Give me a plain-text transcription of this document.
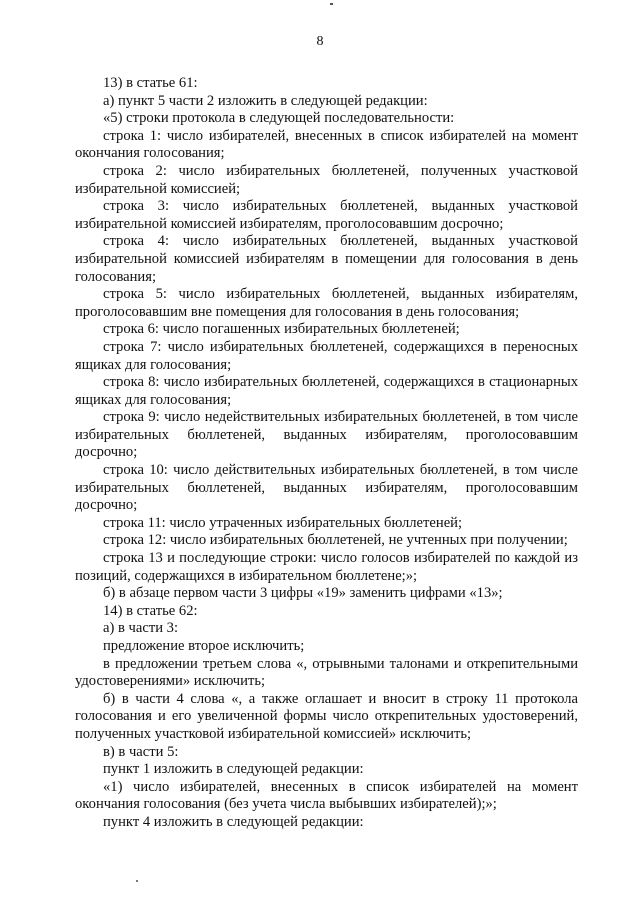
8

13) в статье 61:

а) пункт 5 части 2 изложить в следующей редакции:

«5) строки протокола в следующей последовательности:

строка 1: число избирателей, внесенных в список избирателей на момент окончания голосования;

строка 2: число избирательных бюллетеней, полученных участковой избирательной комиссией;

строка 3: число избирательных бюллетеней, выданных участковой избирательной комиссией избирателям, проголосовавшим досрочно;

строка 4: число избирательных бюллетеней, выданных участковой избирательной комиссией избирателям в помещении для голосования в день голосования;

строка 5: число избирательных бюллетеней, выданных избирателям, проголосовавшим вне помещения для голосования в день голосования;

строка 6: число погашенных избирательных бюллетеней;

строка 7: число избирательных бюллетеней, содержащихся в переносных ящиках для голосования;

строка 8: число избирательных бюллетеней, содержащихся в стационарных ящиках для голосования;

строка 9: число недействительных избирательных бюллетеней, в том числе избирательных бюллетеней, выданных избирателям, проголосовавшим досрочно;

строка 10: число действительных избирательных бюллетеней, в том числе избирательных бюллетеней, выданных избирателям, проголосовавшим досрочно;

строка 11: число утраченных избирательных бюллетеней;

строка 12: число избирательных бюллетеней, не учтенных при получении;

строка 13 и последующие строки: число голосов избирателей по каждой из позиций, содержащихся в избирательном бюллетене;»;

б) в абзаце первом части 3 цифры «19» заменить цифрами «13»;

14) в статье 62:

а) в части 3:

предложение второе исключить;

в предложении третьем слова «, отрывными талонами и открепительными удостоверениями» исключить;

б) в части 4 слова «, а также оглашает и вносит в строку 11 протокола голосования и его увеличенной формы число открепительных удостоверений, полученных участковой избирательной комиссией» исключить;

в) в части 5:

пункт 1 изложить в следующей редакции:

«1) число избирателей, внесенных в список избирателей на момент окончания голосования (без учета числа выбывших избирателей);»;

пункт 4 изложить в следующей редакции:
